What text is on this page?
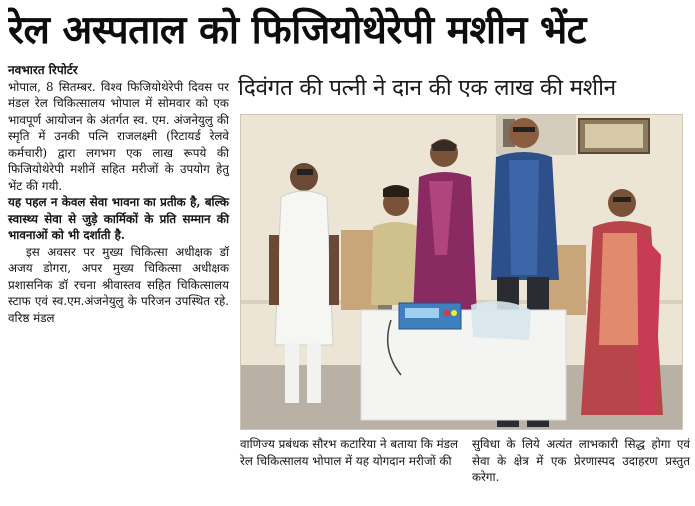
रेल अस्पताल को फिजियोथेरेपी मशीन भेंट
नवभारत रिपोर्टर
भोपाल, 8 सितम्बर. विश्व फिजियोथेरेपी दिवस पर मंडल रेल चिकित्सालय भोपाल में सोमवार को एक भावपूर्ण आयोजन के अंतर्गत स्व. एम. अंजनेयुलु की स्मृति में उनकी पत्नि राजलक्ष्मी (रिटायर्ड रेलवे कर्मचारी) द्वारा लगभग एक लाख रूपये की फिजियोथेरेपी मशीनें सहित मरीजों के उपयोग हेतु भेंट की गयी.
यह पहल न केवल सेवा भावना का प्रतीक है, बल्कि स्वास्थ्य सेवा से जुड़े कार्मिकों के प्रति सम्मान की भावनाओं को भी दर्शाती है.
इस अवसर पर मुख्य चिकित्सा अधीक्षक डॉ अजय डोगरा, अपर मुख्य चिकित्सा अधीक्षक प्रशासनिक डॉ रचना श्रीवास्तव सहित चिकित्सालय स्टाफ एवं स्व.एम.अंजनेयुलु के परिजन उपस्थित रहे. वरिष्ठ मंडल
दिवंगत की पत्नी ने दान की एक लाख की मशीन
वाणिज्य प्रबंधक सौरभ कटारिया ने बताया कि मंडल रेल चिकित्सालय भोपाल में यह योगदान मरीजों की
सुविधा के लिये अत्यंत लाभकारी सिद्ध होगा एवं सेवा के क्षेत्र में एक प्रेरणास्पद उदाहरण प्रस्तुत करेगा.
